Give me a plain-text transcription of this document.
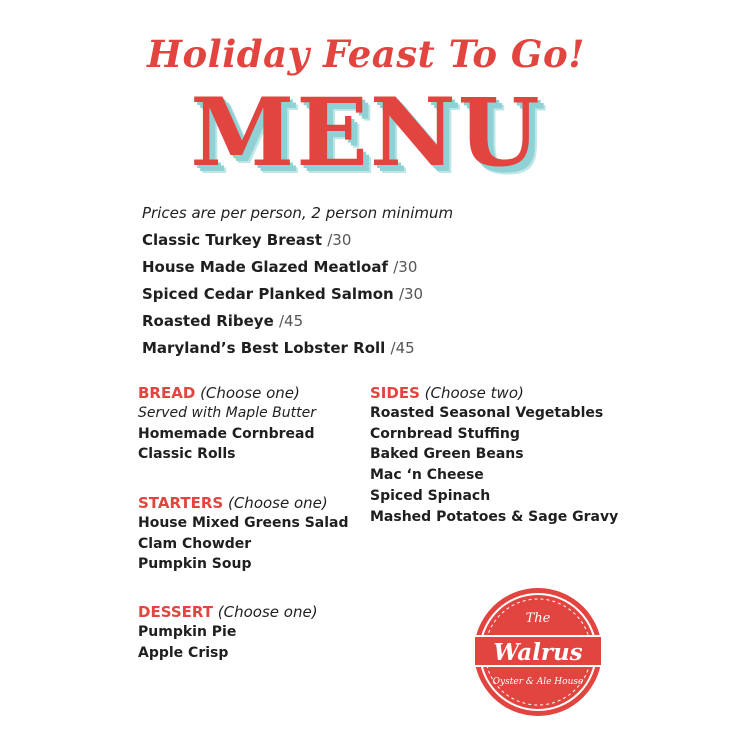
Holiday Feast To Go!
MENU
Prices are per person, 2 person minimum
Classic Turkey Breast /30
House Made Glazed Meatloaf /30
Spiced Cedar Planked Salmon /30
Roasted Ribeye /45
Maryland’s Best Lobster Roll /45
BREAD (Choose one)
Served with Maple Butter
Homemade Cornbread
Classic Rolls
STARTERS (Choose one)
House Mixed Greens Salad
Clam Chowder
Pumpkin Soup
DESSERT (Choose one)
Pumpkin Pie
Apple Crisp
SIDES (Choose two)
Roasted Seasonal Vegetables
Cornbread Stuffing
Baked Green Beans
Mac ‘n Cheese
Spiced Spinach
Mashed Potatoes & Sage Gravy
The
Walrus
Oyster & Ale House
